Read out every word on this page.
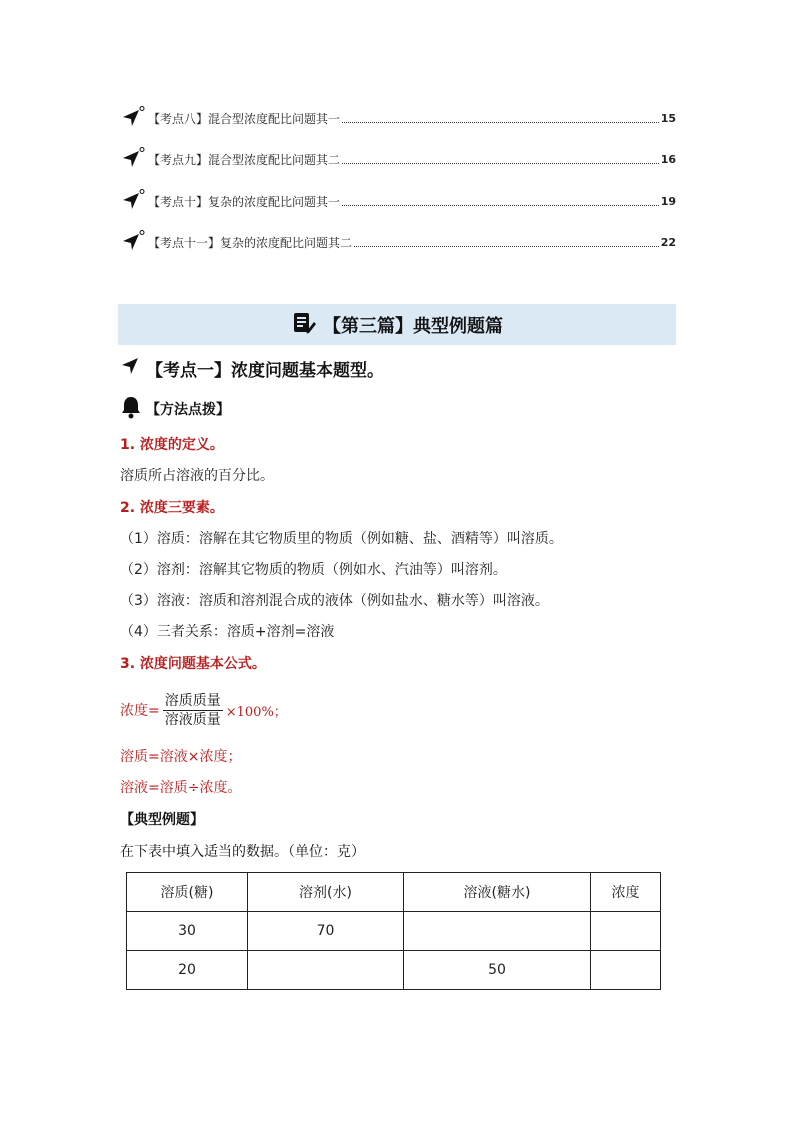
【考点八】混合型浓度配比问题其一	15
【考点九】混合型浓度配比问题其二	16
【考点十】复杂的浓度配比问题其一	19
【考点十一】复杂的浓度配比问题其二	22
【第三篇】典型例题篇
【考点一】浓度问题基本题型。
【方法点拨】
1. 浓度的定义。
溶质所占溶液的百分比。
2. 浓度三要素。
（1）溶质：溶解在其它物质里的物质（例如糖、盐、酒精等）叫溶质。
（2）溶剂：溶解其它物质的物质（例如水、汽油等）叫溶剂。
（3）溶液：溶质和溶剂混合成的液体（例如盐水、糖水等）叫溶液。
（4）三者关系：溶质+溶剂=溶液
3. 浓度问题基本公式。
浓度= $\frac{\text{溶质质量}}{\text{溶液质量}} \times 100\%$；
溶质=溶液×浓度；
溶液=溶质÷浓度。
【典型例题】
在下表中填入适当的数据。（单位：克）
溶质(糖)	溶剂(水)	溶液(糖水)	浓度
30	70		
20		50	
